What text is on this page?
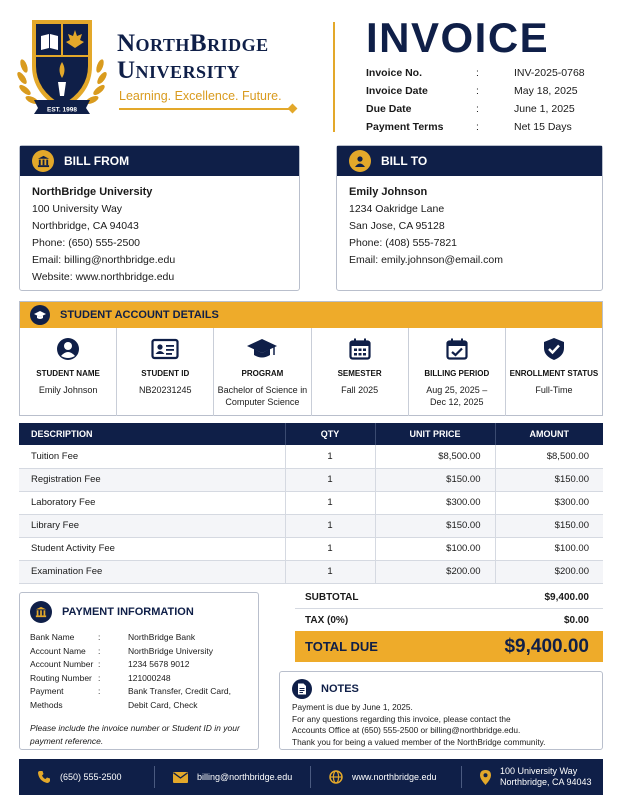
EST. 1998
NorthBridge
University
Learning. Excellence. Future.
INVOICE
Invoice No.	:	INV-2025-0768
Invoice Date	:	May 18, 2025
Due Date	:	June 1, 2025
Payment Terms	:	Net 15 Days
BILL FROM
NorthBridge University
100 University Way
Northbridge, CA 94043
Phone: (650) 555-2500
Email: billing@northbridge.edu
Website: www.northbridge.edu
BILL TO
Emily Johnson
1234 Oakridge Lane
San Jose, CA 95128
Phone: (408) 555-7821
Email: emily.johnson@email.com
STUDENT ACCOUNT DETAILS
STUDENT NAME
Emily Johnson
STUDENT ID
NB20231245
PROGRAM
Bachelor of Science in Computer Science
SEMESTER
Fall 2025
BILLING PERIOD
Aug 25, 2025 – Dec 12, 2025
ENROLLMENT STATUS
Full-Time
DESCRIPTION	QTY	UNIT PRICE	AMOUNT
Tuition Fee	1	$8,500.00	$8,500.00
Registration Fee	1	$150.00	$150.00
Laboratory Fee	1	$300.00	$300.00
Library Fee	1	$150.00	$150.00
Student Activity Fee	1	$100.00	$100.00
Examination Fee	1	$200.00	$200.00
PAYMENT INFORMATION
Bank Name	:	NorthBridge Bank
Account Name	:	NorthBridge University
Account Number :	1234 5678 9012
Routing Number :	121000248
Payment Methods
:	Bank Transfer, Credit Card, Debit Card, Check
Please include the invoice number or Student ID in your payment reference.
SUBTOTAL	$9,400.00
TAX (0%)	$0.00
TOTAL DUE	$9,400.00
NOTES
Payment is due by June 1, 2025.
For any questions regarding this invoice, please contact the
Accounts Office at (650) 555-2500 or billing@northbridge.edu.
Thank you for being a valued member of the NorthBridge community.
(650) 555-2500	billing@northbridge.edu	www.northbridge.edu
100 University Way
Northbridge, CA 94043
